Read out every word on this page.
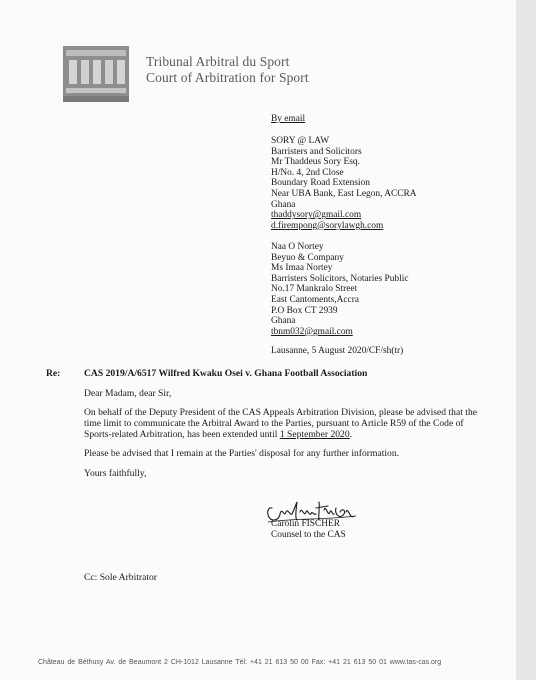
Tribunal Arbitral du Sport
Court of Arbitration for Sport
By email
SORY @ LAW
Barristers and Solicitors
Mr Thaddeus Sory Esq.
H/No. 4, 2nd Close
Boundary Road Extension
Near UBA Bank, East Legon, ACCRA
Ghana
thaddysory@gmail.com
d.firempong@sorylawgh.com
Naa O Nortey
Beyuo & Company
Ms Imaa Nortey
Barristers Solicitors, Notaries Public
No.17 Mankralo Street
East Cantoments,Accra
P.O Box CT 2939
Ghana
tbnm032@gmail.com
Lausanne, 5 August 2020/CF/sh(tr)
Re: CAS 2019/A/6517 Wilfred Kwaku Osei v. Ghana Football Association
Dear Madam, dear Sir,
On behalf of the Deputy President of the CAS Appeals Arbitration Division, please be advised that the
time limit to communicate the Arbitral Award to the Parties, pursuant to Article R59 of the Code of
Sports-related Arbitration, has been extended until 1 September 2020.
Please be advised that I remain at the Parties' disposal for any further information.
Yours faithfully,
Carolin FISCHER
Counsel to the CAS
Cc: Sole Arbitrator
Château de Béthusy Av. de Beaumont 2 CH-1012 Lausanne Tél: +41 21 613 50 00 Fax: +41 21 613 50 01 www.tas-cas.org
